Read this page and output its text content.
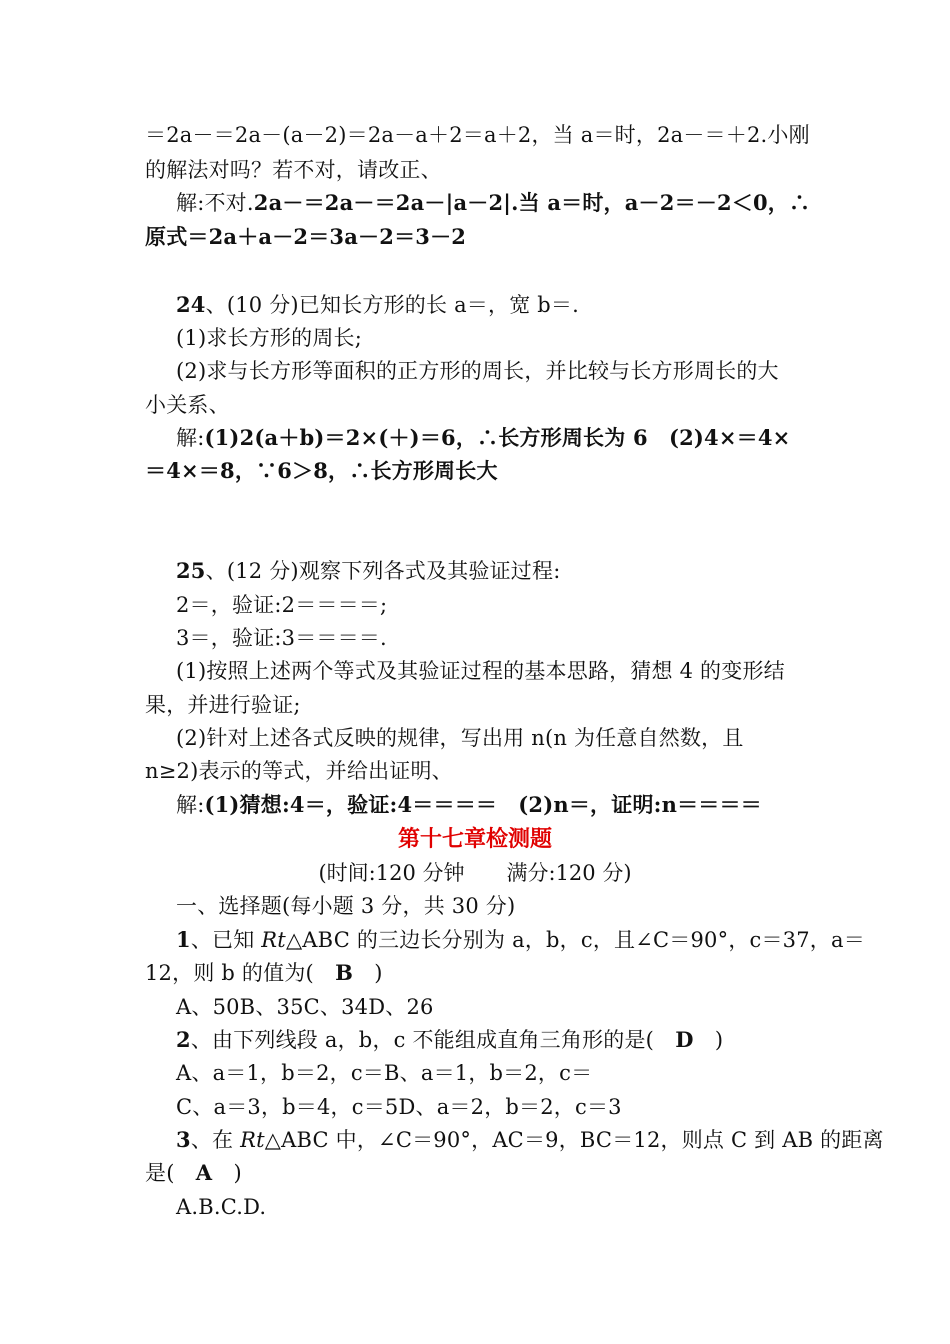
＝2a－＝2a－(a－2)＝2a－a＋2＝a＋2，当 a＝时，2a－＝＋2.小刚
的解法对吗？若不对，请改正、
解:不对.2a－＝2a－＝2a－|a－2|.当 a＝时，a－2＝－2＜0，∴
原式＝2a＋a－2＝3a－2＝3－2
24、(10 分)已知长方形的长 a＝，宽 b＝.
(1)求长方形的周长;
(2)求与长方形等面积的正方形的周长，并比较与长方形周长的大
小关系、
解:(1)2(a＋b)＝2×(＋)＝6，∴长方形周长为 6　(2)4×＝4×
＝4×＝8，∵6＞8，∴长方形周长大
25、(12 分)观察下列各式及其验证过程:
2＝，验证:2＝＝＝＝;
3＝，验证:3＝＝＝＝.
(1)按照上述两个等式及其验证过程的基本思路，猜想 4 的变形结
果，并进行验证;
(2)针对上述各式反映的规律，写出用 n(n 为任意自然数，且
n≥2)表示的等式，并给出证明、
解:(1)猜想:4＝，验证:4＝＝＝＝　(2)n＝，证明:n＝＝＝＝
第十七章检测题
(时间:120 分钟　　满分:120 分)
一、选择题(每小题 3 分，共 30 分)
1、已知 Rt△ABC 的三边长分别为 a，b，c，且∠C＝90°，c＝37，a＝
12，则 b 的值为(　B　)
A、50B、35C、34D、26
2、由下列线段 a，b，c 不能组成直角三角形的是(　D　)
A、a＝1，b＝2，c＝B、a＝1，b＝2，c＝
C、a＝3，b＝4，c＝5D、a＝2，b＝2，c＝3
3、在 Rt△ABC 中，∠C＝90°，AC＝9，BC＝12，则点 C 到 AB 的距离
是(　A　)
A.B.C.D.
